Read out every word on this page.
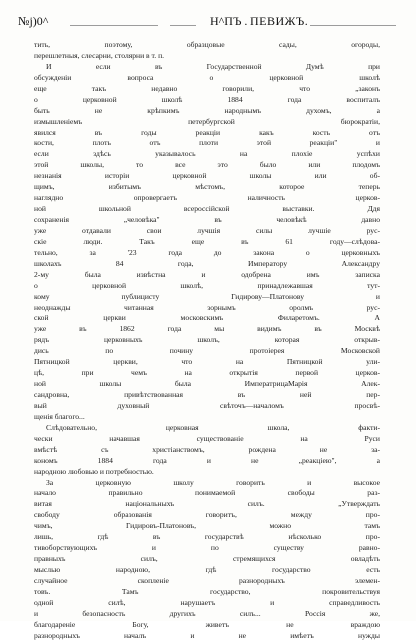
№j)0^	Н^ПЪ . ПЕВИЖЪ.
тить, поэтому, образцовые сады, огороды,
перешлетныя, слесарни, столярни в т. п.
И если въ Государственной Думѣ при
обсужденіи вопроса о церковной школѣ
еще такъ недавно говорили, что „законъ
о церковной школѣ 1884 года воспиталъ
быть не крѣпкимъ народнымъ духомъ, а
измышленіемъ петербургской бюрократіи,
явился въ годы реакціи какъ кость отъ
кости, плоть отъ плоти этой реакціи" и
если здѣсь указывалось на плохіе успѣхи
этой школы, то все это было или плодомъ
незнанія исторіи церковной школы или об-
щимъ, избитымъ мѣстомъ, которое теперь
наглядно опровергаетъ наличность церков-
ной школьной всероссійской выставки. Ддя
сохраненія „человѣка" въ человѣкѣ давно
уже отдавали свои лучшія силы лучшіе рус-
скіе люди. Такъ еще въ 61 году—слѣдова-
тельно, за '23 года до закона о церковныхъ
школахъ 84 года, Императору Александру
2-му была извѣстна и одобрена имъ записка
о церковной школѣ, принадлежавшая тут-
кому публицисту Гидирову—Платонову и
неоднажды читанная зорнымъ оролмъ рус-
ской церкви московскимъ Филаретомъ. А
уже въ 1862 года мы видимъ въ Москвѣ
рядъ церковныхъ школъ, которая открыв-
дись по почину протоіерея Московской
Пятницкой церкви, что на Пятницкой ули-
цѣ, при чемъ на открытія первой церков-
ной школы была ИмператрицаМарія Алек-
сандровна, привѣтствованная въ ней пер-
вый духовный свѣточъ—началомъ просвѣ-
щенія благого...
Слѣдовательно, церковная школа, факти-
чески начавшая существованіе на Руси
вмѣстѣ съ христіанствомъ, рождена не за-
кономъ 1884 года и не „реакціею", а
народною любовью и потребностью.
За церковную школу говорить и высокое
начало правильно понимаемой свободы раз-
витая національныхъ силъ. „Утверждать
свободу образованія говоритъ, между про-
чимъ, Гидировъ-Платоновъ, можно тамъ
лишь, гдѣ въ государствѣ нѣсколько про-
тивоборствующихъ и по существу равно-
правныхъ силъ, стремящихся овладѣть
мыслью народною, гдѣ государство есть
случайное скопленіе разнородныхъ элемен-
товъ. Тамъ государство, покровительствуя
одной силѣ, нарушаетъ и справедливость
и безопасность другихъ силъ... Россія же,
благодареніе Богу, живетъ не враждою
разнородныхъ началъ и не имѣетъ нужды
